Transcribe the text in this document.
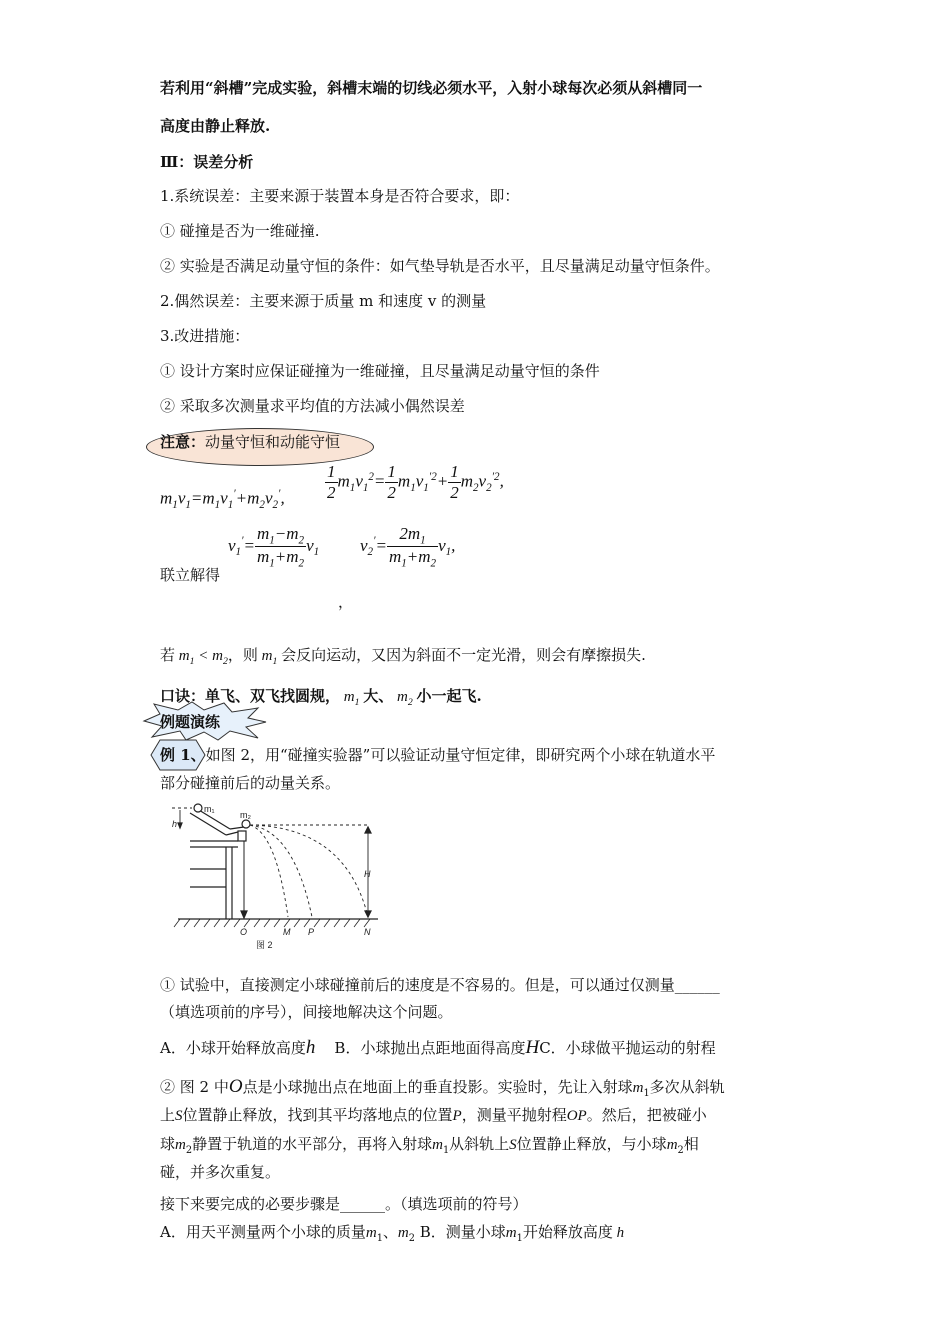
若利用“斜槽”完成实验，斜槽末端的切线必须水平，入射小球每次必须从斜槽同一
高度由静止释放.
Ⅲ：误差分析
1.系统误差：主要来源于装置本身是否符合要求，即：
① 碰撞是否为一维碰撞.
② 实验是否满足动量守恒的条件：如气垫导轨是否水平，且尽量满足动量守恒条件。
2.偶然误差：主要来源于质量 m 和速度 v 的测量
3.改进措施：
① 设计方案时应保证碰撞为一维碰撞，且尽量满足动量守恒的条件
② 采取多次测量求平均值的方法减小偶然误差
注意：动量守恒和动能守恒
$m_1v_1=m_1v_1'+m_2v_2'$, $\frac{1}{2} m_1v_1^2= \frac{1}{2} m_1v_1^{'2}+ \frac{1}{2} m_2v_2^{'2}$,
联立解得
$v_1'= \frac{m_1-m_2}{m_1+m_2} v_1$ $v_2'= \frac{2m_1}{m_1+m_2} v_1$,
，
若 $m_1 < m_2$，则 $m_1$ 会反向运动，又因为斜面不一定光滑，则会有摩擦损失.
口诀：单飞、双飞找圆规， $m_1$ 大、 $m_2$ 小一起飞.
例题演练
例 1、如图 2，用“碰撞实验器”可以验证动量守恒定律，即研究两个小球在轨道水平
部分碰撞前后的动量关系。
m₁
m₂
h
H
O	M P	N
图 2
① 试验中，直接测定小球碰撞前后的速度是不容易的。但是，可以通过仅测量______
（填选项前的序号），间接地解决这个问题。
A．小球开始释放高度h B．小球抛出点距地面得高度HC．小球做平抛运动的射程
② 图 2 中O点是小球抛出点在地面上的垂直投影。实验时，先让入射球$m_1$多次从斜轨
上S位置静止释放，找到其平均落地点的位置P，测量平抛射程OP。然后，把被碰小
球$m_2$静置于轨道的水平部分，再将入射球$m_1$从斜轨上S位置静止释放，与小球$m_2$相
碰，并多次重复。
接下来要完成的必要步骤是______。（填选项前的符号）
A．用天平测量两个小球的质量$m_1$、$m_2$ B．测量小球$m_1$开始释放高度 h
